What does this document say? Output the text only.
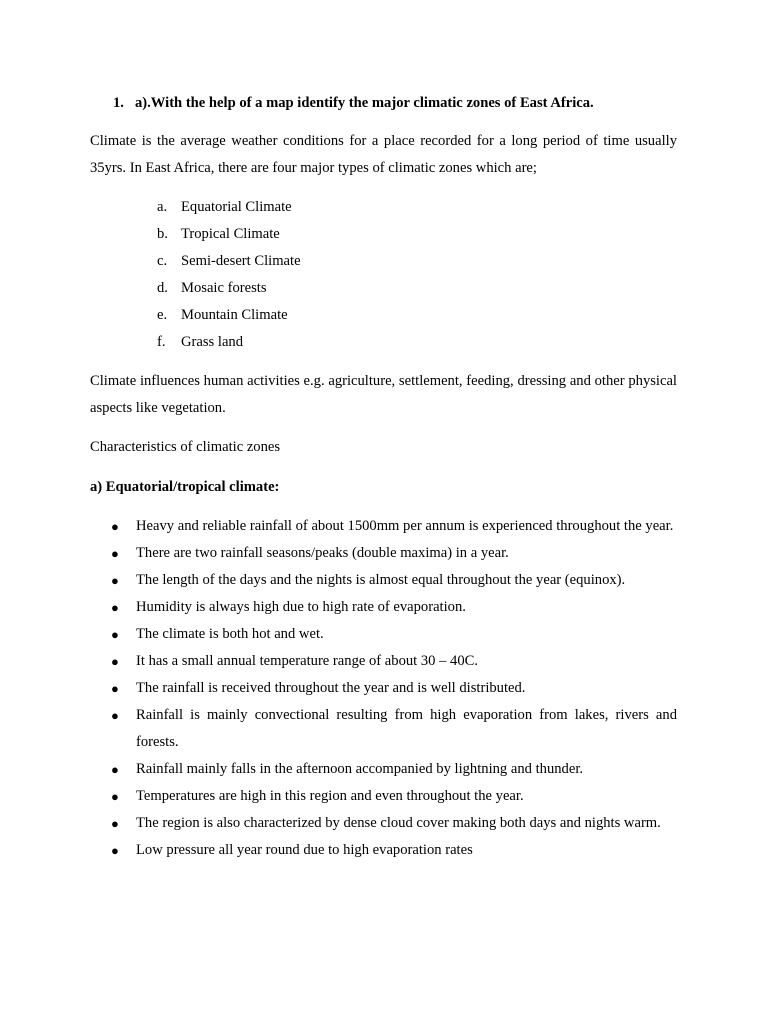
1. a).With the help of a map identify the major climatic zones of East Africa.

Climate is the average weather conditions for a place recorded for a long period of time usually 35yrs. In East Africa, there are four major types of climatic zones which are;

a. Equatorial Climate
b. Tropical Climate
c. Semi-desert Climate
d. Mosaic forests
e. Mountain Climate
f. Grass land

Climate influences human activities e.g. agriculture, settlement, feeding, dressing and other physical aspects like vegetation.

Characteristics of climatic zones

a) Equatorial/tropical climate:
● Heavy and reliable rainfall of about 1500mm per annum is experienced throughout the year.
● There are two rainfall seasons/peaks (double maxima) in a year.
● The length of the days and the nights is almost equal throughout the year (equinox).
● Humidity is always high due to high rate of evaporation.
● The climate is both hot and wet.
● It has a small annual temperature range of about 30 – 40C.
● The rainfall is received throughout the year and is well distributed.
● Rainfall is mainly convectional resulting from high evaporation from lakes, rivers and forests.
● Rainfall mainly falls in the afternoon accompanied by lightning and thunder.
● Temperatures are high in this region and even throughout the year.
● The region is also characterized by dense cloud cover making both days and nights warm.
● Low pressure all year round due to high evaporation rates
